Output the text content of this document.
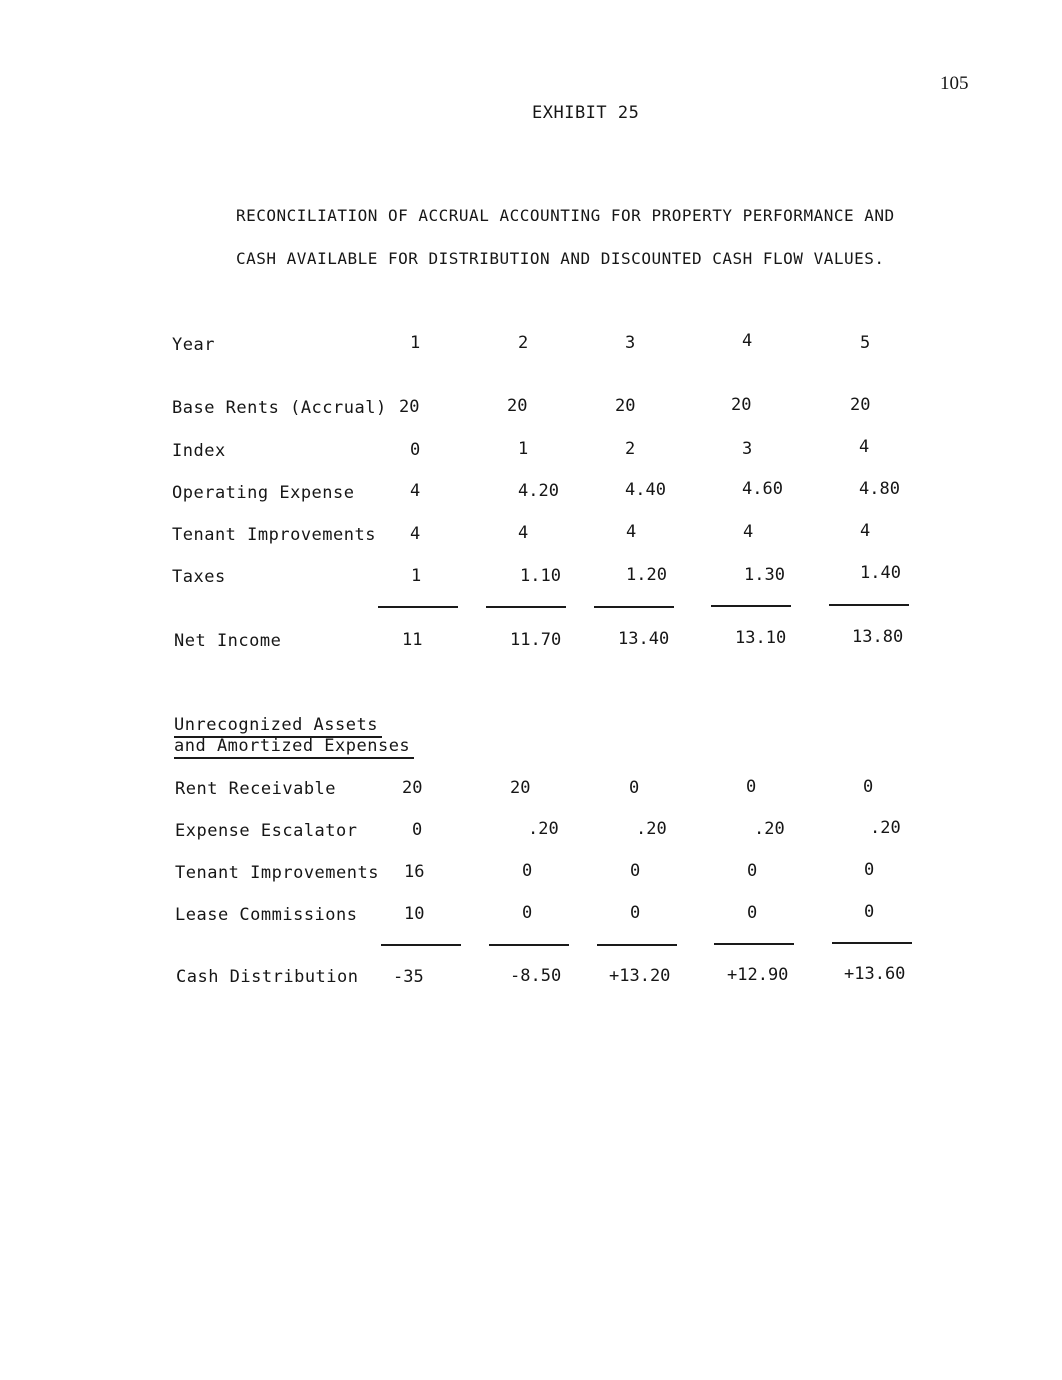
105
EXHIBIT 25
RECONCILIATION OF ACCRUAL ACCOUNTING FOR PROPERTY PERFORMANCE AND
CASH AVAILABLE FOR DISTRIBUTION AND DISCOUNTED CASH FLOW VALUES.
Year	1	2	3	4	5
Base Rents (Accrual) 20	20	20	20	20
Index	0	1	2	3	4
Operating Expense	4	4.20	4.40	4.60	4.80
Tenant Improvements 4	4	4	4	4
Taxes	1	1.10	1.20	1.30	1.40
Net Income	11	11.70	13.40	13.10	13.80
Unrecognized Assets
and Amortized Expenses
Rent Receivable	20	20	0	0	0
Expense Escalator	0	.20	.20	.20	.20
Tenant Improvements 16	0	0	0	0
Lease Commissions	10	0	0	0	0
Cash Distribution -35	-8.50	+13.20	+12.90	+13.60
